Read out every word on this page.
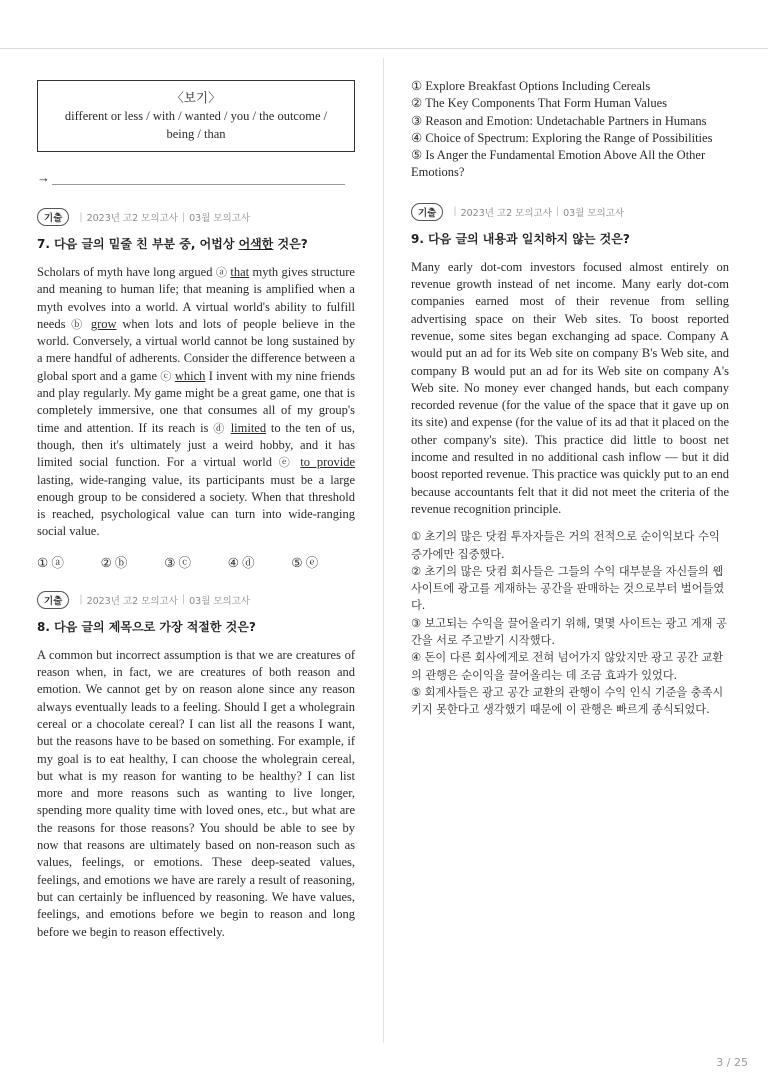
〈보기〉
different or less / with / wanted / you / the outcome /
being / than
→
기출	| 2023년 고2 모의고사 | 03월 모의고사
7. 다음 글의 밑줄 친 부분 중, 어법상 어색한 것은?
Scholars of myth have long argued ⓐ that myth gives structure and meaning to human life; that meaning is amplified when a myth evolves into a world. A virtual world's ability to fulfill needs ⓑ grow when lots and lots of people believe in the world. Conversely, a virtual world cannot be long sustained by a mere handful of adherents. Consider the difference between a global sport and a game ⓒ which I invent with my nine friends and play regularly. My game might be a great game, one that is completely immersive, one that consumes all of my group's time and attention. If its reach is ⓓ limited to the ten of us, though, then it's ultimately just a weird hobby, and it has limited social function. For a virtual world ⓔ to provide lasting, wide-ranging value, its participants must be a large enough group to be considered a society. When that threshold is reached, psychological value can turn into wide-ranging social value.
① ⓐ	② ⓑ	③ ⓒ	④ ⓓ	⑤ ⓔ
기출	| 2023년 고2 모의고사 | 03월 모의고사
8. 다음 글의 제목으로 가장 적절한 것은?
A common but incorrect assumption is that we are creatures of reason when, in fact, we are creatures of both reason and emotion. We cannot get by on reason alone since any reason always eventually leads to a feeling. Should I get a wholegrain cereal or a chocolate cereal? I can list all the reasons I want, but the reasons have to be based on something. For example, if my goal is to eat healthy, I can choose the wholegrain cereal, but what is my reason for wanting to be healthy? I can list more and more reasons such as wanting to live longer, spending more quality time with loved ones, etc., but what are the reasons for those reasons? You should be able to see by now that reasons are ultimately based on non-reason such as values, feelings, or emotions. These deep-seated values, feelings, and emotions we have are rarely a result of reasoning, but can certainly be influenced by reasoning. We have values, feelings, and emotions before we begin to reason and long before we begin to reason effectively.
① Explore Breakfast Options Including Cereals
② The Key Components That Form Human Values
③ Reason and Emotion: Undetachable Partners in Humans
④ Choice of Spectrum: Exploring the Range of Possibilities
⑤ Is Anger the Fundamental Emotion Above All the Other Emotions?
기출	| 2023년 고2 모의고사 | 03월 모의고사
9. 다음 글의 내용과 일치하지 않는 것은?
Many early dot-com investors focused almost entirely on revenue growth instead of net income. Many early dot-com companies earned most of their revenue from selling advertising space on their Web sites. To boost reported revenue, some sites began exchanging ad space. Company A would put an ad for its Web site on company B's Web site, and company B would put an ad for its Web site on company A's Web site. No money ever changed hands, but each company recorded revenue (for the value of the space that it gave up on its site) and expense (for the value of its ad that it placed on the other company's site). This practice did little to boost net income and resulted in no additional cash inflow — but it did boost reported revenue. This practice was quickly put to an end because accountants felt that it did not meet the criteria of the revenue recognition principle.
① 초기의 많은 닷컴 투자자들은 거의 전적으로 순이익보다 수익 증가에만 집중했다.
② 초기의 많은 닷컴 회사들은 그들의 수익 대부분을 자신들의 웹사이트에 광고를 게재하는 공간을 판매하는 것으로부터 벌어들였다.
③ 보고되는 수익을 끌어올리기 위해, 몇몇 사이트는 광고 게재 공간을 서로 주고받기 시작했다.
④ 돈이 다른 회사에게로 전혀 넘어가지 않았지만 광고 공간 교환의 관행은 순이익을 끌어올리는 데 조금 효과가 있었다.
⑤ 회계사들은 광고 공간 교환의 관행이 수익 인식 기준을 충족시키지 못한다고 생각했기 때문에 이 관행은 빠르게 종식되었다.
3 / 25
